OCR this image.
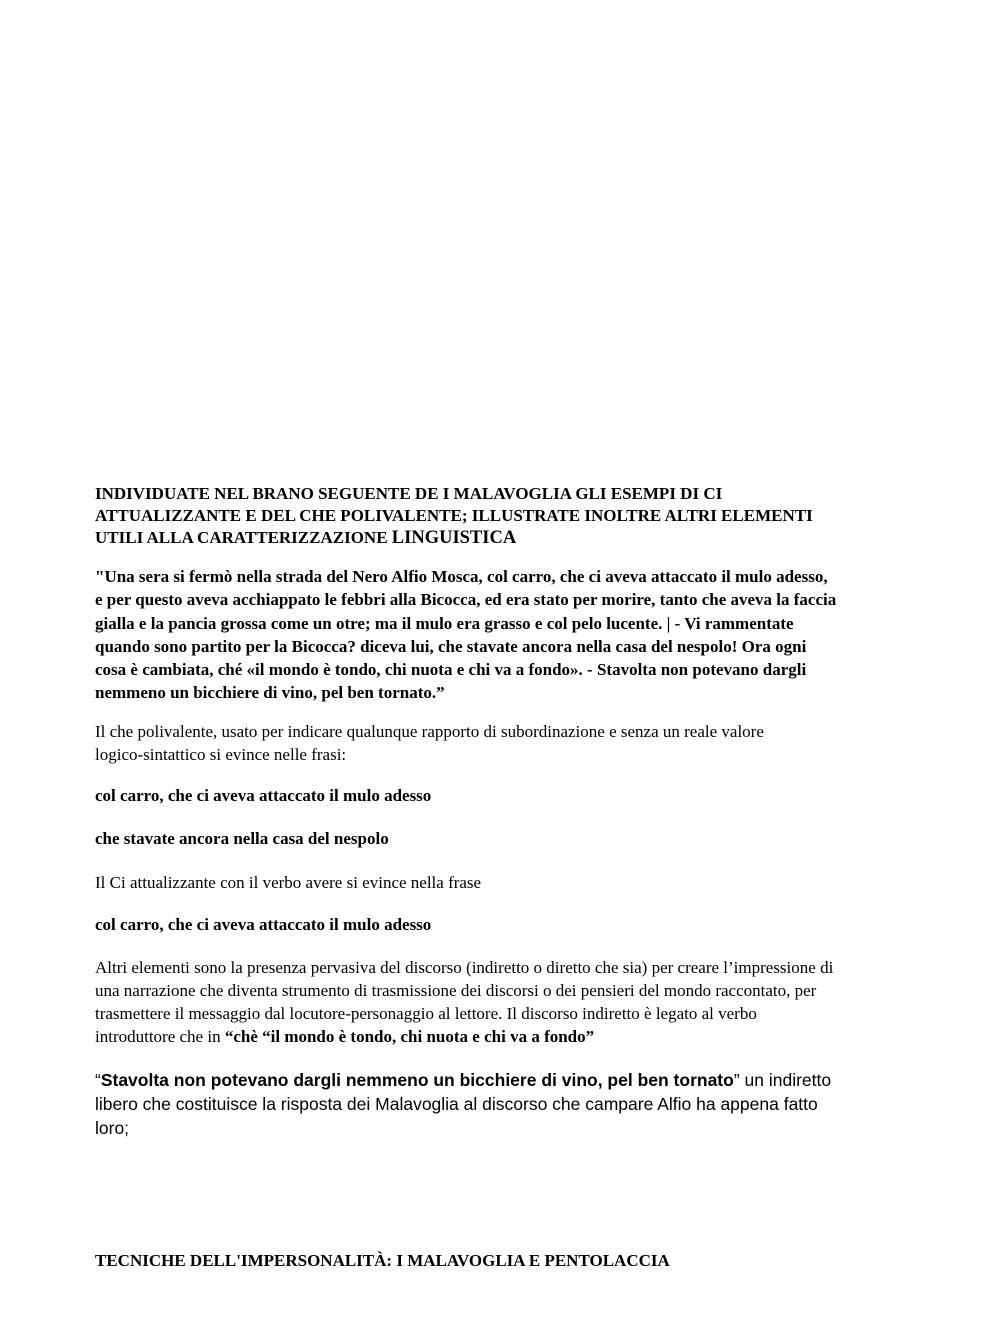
INDIVIDUATE NEL BRANO SEGUENTE DE I MALAVOGLIA GLI ESEMPI DI CI
ATTUALIZZANTE E DEL CHE POLIVALENTE; ILLUSTRATE INOLTRE ALTRI ELEMENTI
UTILI ALLA CARATTERIZZAZIONE LINGUISTICA
"Una sera si fermò nella strada del Nero Alfio Mosca, col carro, che ci aveva attaccato il mulo adesso,
e per questo aveva acchiappato le febbri alla Bicocca, ed era stato per morire, tanto che aveva la faccia
gialla e la pancia grossa come un otre; ma il mulo era grasso e col pelo lucente. | - Vi rammentate
quando sono partito per la Bicocca? diceva lui, che stavate ancora nella casa del nespolo! Ora ogni
cosa è cambiata, ché «il mondo è tondo, chi nuota e chi va a fondo». - Stavolta non potevano dargli
nemmeno un bicchiere di vino, pel ben tornato.”
Il che polivalente, usato per indicare qualunque rapporto di subordinazione e senza un reale valore
logico-sintattico si evince nelle frasi:
col carro, che ci aveva attaccato il mulo adesso
che stavate ancora nella casa del nespolo
Il Ci attualizzante con il verbo avere si evince nella frase
col carro, che ci aveva attaccato il mulo adesso
Altri elementi sono la presenza pervasiva del discorso (indiretto o diretto che sia) per creare l’impressione di
una narrazione che diventa strumento di trasmissione dei discorsi o dei pensieri del mondo raccontato, per
trasmettere il messaggio dal locutore-personaggio al lettore. Il discorso indiretto è legato al verbo
introduttore che in “chè “il mondo è tondo, chi nuota e chi va a fondo”
“Stavolta non potevano dargli nemmeno un bicchiere di vino, pel ben tornato” un indiretto
libero che costituisce la risposta dei Malavoglia al discorso che campare Alfio ha appena fatto
loro;
TECNICHE DELL'IMPERSONALITÀ: I MALAVOGLIA E PENTOLACCIA
